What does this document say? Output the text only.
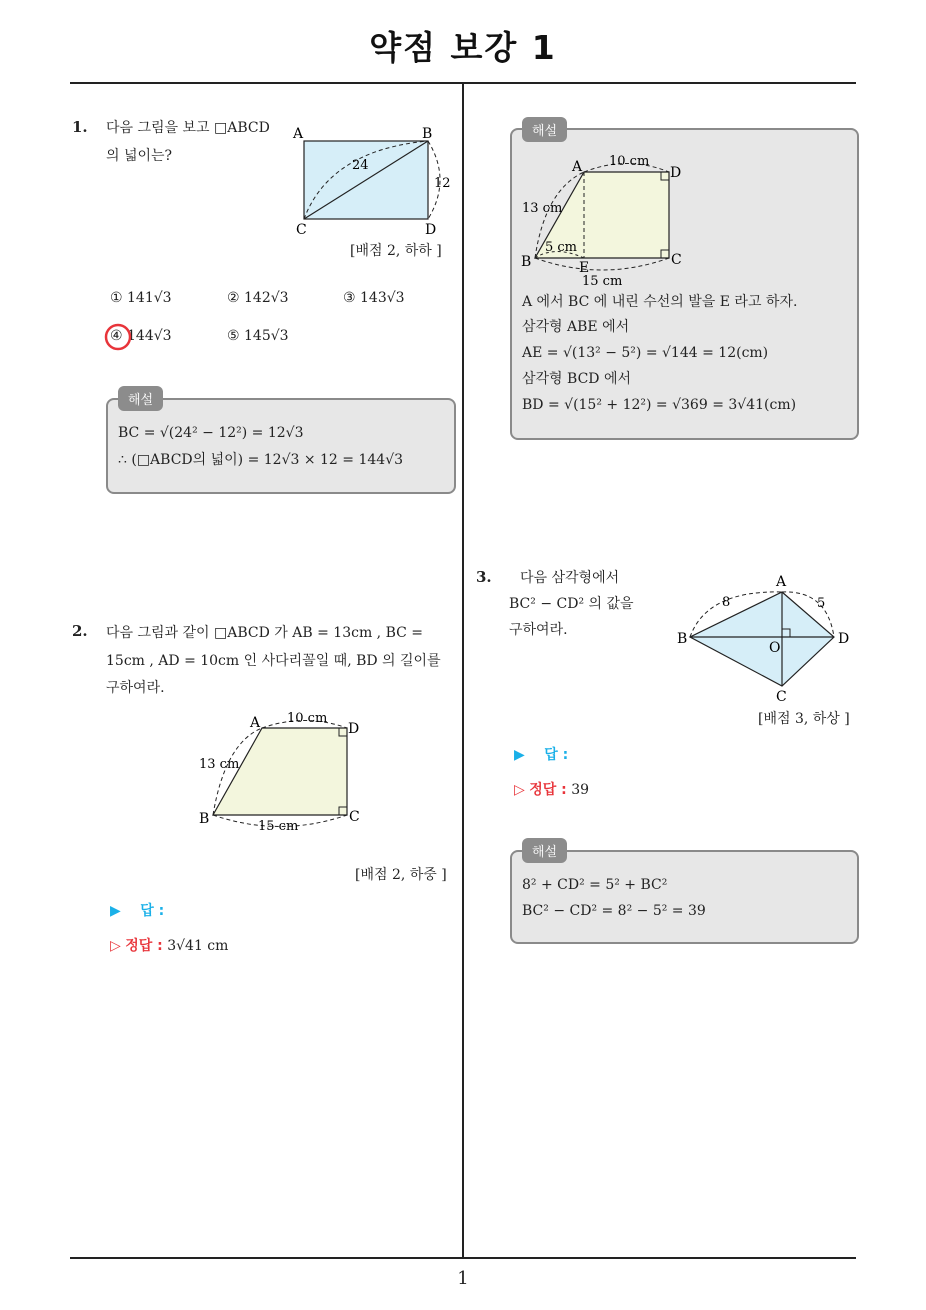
약점 보강 1
1
1. 다음 그림을 보고 □ABCD
의 넓이는?
A	B
C	D
24
12
[배점 2, 하하 ]
① 141√3	② 142√3	③ 143√3
④ 144√3	⑤ 145√3
해설
BC = √(24² − 12²) = 12√3
∴ (□ABCD의 넓이) = 12√3 × 12 = 144√3
2. 다음 그림과 같이 □ABCD 가 AB = 13cm , BC =
15cm , AD = 10cm 인 사다리꼴일 때, BD 의 길이를
구하여라.
A	D
B	C
10 cm
13 cm
15 cm
[배점 2, 하중 ]
▶ 답 :
▷ 정답 : 3√41 cm
해설
A	D
B	C
E
10 cm
13 cm
5 cm
15 cm
A 에서 BC 에 내린 수선의 발을 E 라고 하자.
삼각형 ABE 에서
AE = √(13² − 5²) = √144 = 12(cm)
삼각형 BCD 에서
BD = √(15² + 12²) = √369 = 3√41(cm)
3. 다음 삼각형에서
BC² − CD² 의 값을
구하여라.
A
B	D
C
O
8	5
[배점 3, 하상 ]
▶ 답 :
▷ 정답 : 39
해설
8² + CD² = 5² + BC²
BC² − CD² = 8² − 5² = 39
